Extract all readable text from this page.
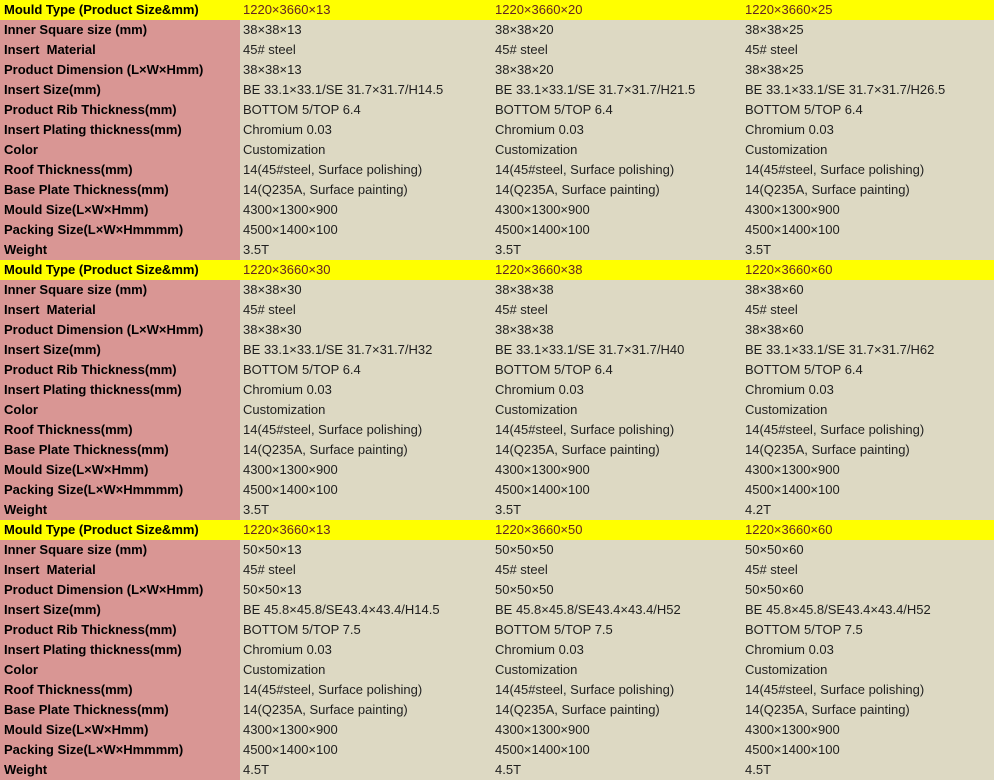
Mould Type (Product Size&mm)	1220×3660×13	1220×3660×20	1220×3660×25
Inner Square size (mm)	38×38×13	38×38×20	38×38×25
Insert  Material	45# steel	45# steel	45# steel
Product Dimension (L×W×Hmm)	38×38×13	38×38×20	38×38×25
Insert Size(mm)	BE 33.1×33.1/SE 31.7×31.7/H14.5	BE 33.1×33.1/SE 31.7×31.7/H21.5	BE 33.1×33.1/SE 31.7×31.7/H26.5
Product Rib Thickness(mm)	BOTTOM 5/TOP 6.4	BOTTOM 5/TOP 6.4	BOTTOM 5/TOP 6.4
Insert Plating thickness(mm)	Chromium 0.03	Chromium 0.03	Chromium 0.03
Color	Customization	Customization	Customization
Roof Thickness(mm)	14(45#steel, Surface polishing)	14(45#steel, Surface polishing)	14(45#steel, Surface polishing)
Base Plate Thickness(mm)	14(Q235A, Surface painting)	14(Q235A, Surface painting)	14(Q235A, Surface painting)
Mould Size(L×W×Hmm)	4300×1300×900	4300×1300×900	4300×1300×900
Packing Size(L×W×Hmmmm)	4500×1400×100	4500×1400×100	4500×1400×100
Weight	3.5T	3.5T	3.5T
Mould Type (Product Size&mm)	1220×3660×30	1220×3660×38	1220×3660×60
Inner Square size (mm)	38×38×30	38×38×38	38×38×60
Insert  Material	45# steel	45# steel	45# steel
Product Dimension (L×W×Hmm)	38×38×30	38×38×38	38×38×60
Insert Size(mm)	BE 33.1×33.1/SE 31.7×31.7/H32	BE 33.1×33.1/SE 31.7×31.7/H40	BE 33.1×33.1/SE 31.7×31.7/H62
Product Rib Thickness(mm)	BOTTOM 5/TOP 6.4	BOTTOM 5/TOP 6.4	BOTTOM 5/TOP 6.4
Insert Plating thickness(mm)	Chromium 0.03	Chromium 0.03	Chromium 0.03
Color	Customization	Customization	Customization
Roof Thickness(mm)	14(45#steel, Surface polishing)	14(45#steel, Surface polishing)	14(45#steel, Surface polishing)
Base Plate Thickness(mm)	14(Q235A, Surface painting)	14(Q235A, Surface painting)	14(Q235A, Surface painting)
Mould Size(L×W×Hmm)	4300×1300×900	4300×1300×900	4300×1300×900
Packing Size(L×W×Hmmmm)	4500×1400×100	4500×1400×100	4500×1400×100
Weight	3.5T	3.5T	4.2T
Mould Type (Product Size&mm)	1220×3660×13	1220×3660×50	1220×3660×60
Inner Square size (mm)	50×50×13	50×50×50	50×50×60
Insert  Material	45# steel	45# steel	45# steel
Product Dimension (L×W×Hmm)	50×50×13	50×50×50	50×50×60
Insert Size(mm)	BE 45.8×45.8/SE43.4×43.4/H14.5	BE 45.8×45.8/SE43.4×43.4/H52	BE 45.8×45.8/SE43.4×43.4/H52
Product Rib Thickness(mm)	BOTTOM 5/TOP 7.5	BOTTOM 5/TOP 7.5	BOTTOM 5/TOP 7.5
Insert Plating thickness(mm)	Chromium 0.03	Chromium 0.03	Chromium 0.03
Color	Customization	Customization	Customization
Roof Thickness(mm)	14(45#steel, Surface polishing)	14(45#steel, Surface polishing)	14(45#steel, Surface polishing)
Base Plate Thickness(mm)	14(Q235A, Surface painting)	14(Q235A, Surface painting)	14(Q235A, Surface painting)
Mould Size(L×W×Hmm)	4300×1300×900	4300×1300×900	4300×1300×900
Packing Size(L×W×Hmmmm)	4500×1400×100	4500×1400×100	4500×1400×100
Weight	4.5T	4.5T	4.5T
